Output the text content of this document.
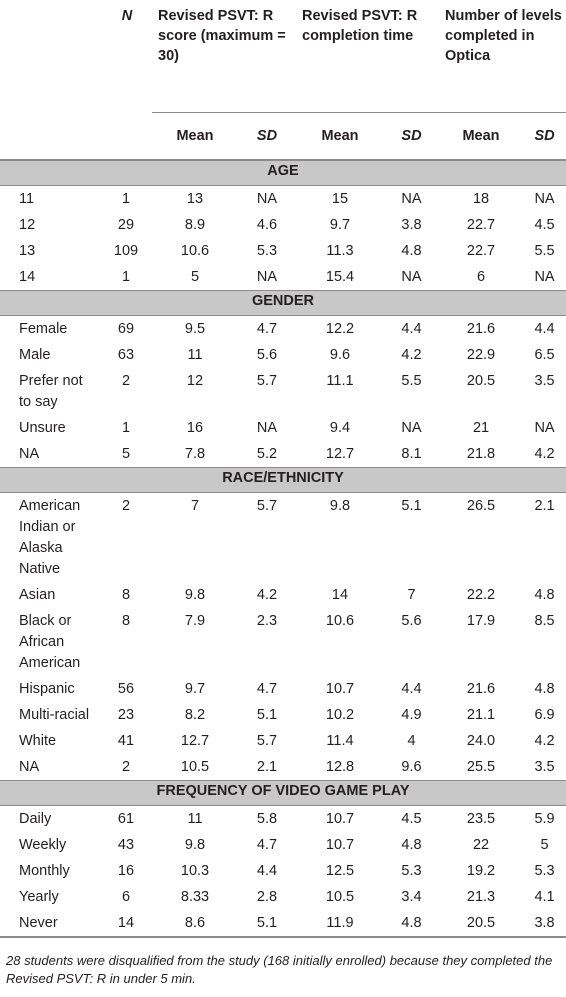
	N	Revised PSVT: R score (maximum = 30)		Revised PSVT: R completion time		Number of levels completed in Optica	
		Mean	SD	Mean	SD	Mean	SD
AGE							
11	1	13	NA	15	NA	18	NA
12	29	8.9	4.6	9.7	3.8	22.7	4.5
13	109	10.6	5.3	11.3	4.8	22.7	5.5
14	1	5	NA	15.4	NA	6	NA
GENDER							
Female	69	9.5	4.7	12.2	4.4	21.6	4.4
Male	63	11	5.6	9.6	4.2	22.9	6.5
Prefer not to say	2	12	5.7	11.1	5.5	20.5	3.5
Unsure	1	16	NA	9.4	NA	21	NA
NA	5	7.8	5.2	12.7	8.1	21.8	4.2
RACE/ETHNICITY							
American Indian or Alaska Native	2	7	5.7	9.8	5.1	26.5	2.1
Asian	8	9.8	4.2	14	7	22.2	4.8
Black or African American	8	7.9	2.3	10.6	5.6	17.9	8.5
Hispanic	56	9.7	4.7	10.7	4.4	21.6	4.8
Multi-racial	23	8.2	5.1	10.2	4.9	21.1	6.9
White	41	12.7	5.7	11.4	4	24.0	4.2
NA	2	10.5	2.1	12.8	9.6	25.5	3.5
FREQUENCY OF VIDEO GAME PLAY							
Daily	61	11	5.8	10.7	4.5	23.5	5.9
Weekly	43	9.8	4.7	10.7	4.8	22	5
Monthly	16	10.3	4.4	12.5	5.3	19.2	5.3
Yearly	6	8.33	2.8	10.5	3.4	21.3	4.1
Never	14	8.6	5.1	11.9	4.8	20.5	3.8
28 students were disqualified from the study (168 initially enrolled) because they completed the Revised PSVT: R in under 5 min.
